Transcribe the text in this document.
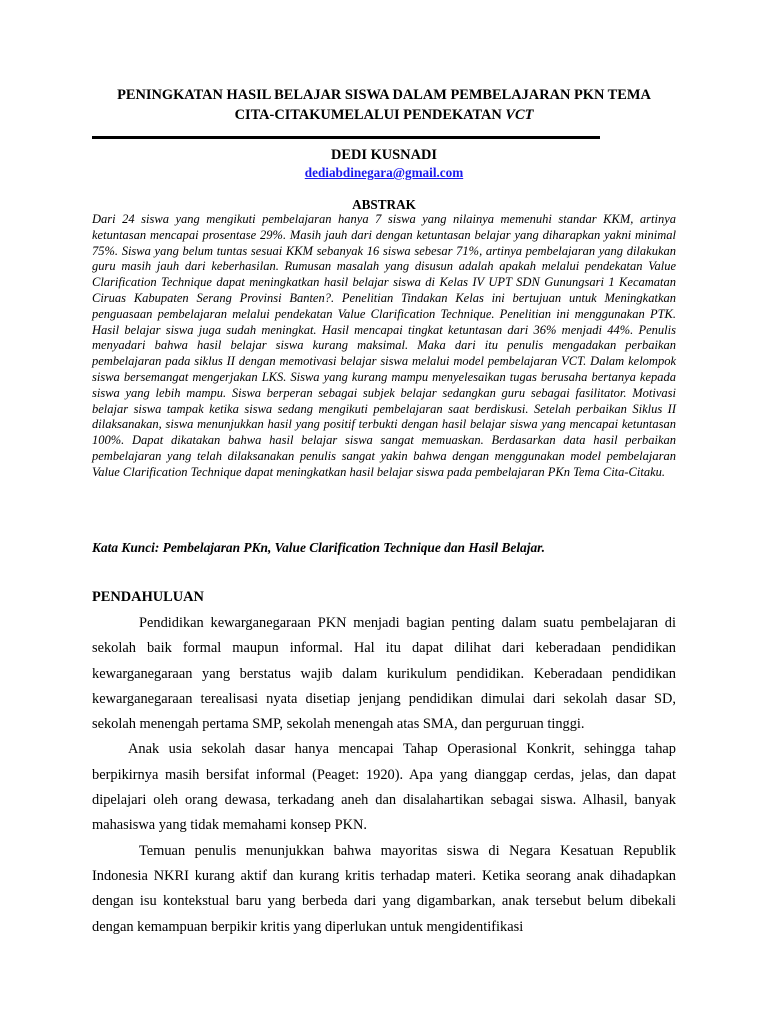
PENINGKATAN HASIL BELAJAR SISWA DALAM PEMBELAJARAN PKN TEMA
CITA-CITAKUMELALUI PENDEKATAN VCT
DEDI KUSNADI
dediabdinegara@gmail.com
ABSTRAK
Dari 24 siswa yang mengikuti pembelajaran hanya 7 siswa yang nilainya memenuhi standar KKM, artinya ketuntasan mencapai prosentase 29%. Masih jauh dari dengan ketuntasan belajar yang diharapkan yakni minimal 75%. Siswa yang belum tuntas sesuai KKM sebanyak 16 siswa sebesar 71%, artinya pembelajaran yang dilakukan guru masih jauh dari keberhasilan. Rumusan masalah yang disusun adalah apakah melalui pendekatan Value Clarification Technique dapat meningkatkan hasil belajar siswa di Kelas IV UPT SDN Gunungsari 1 Kecamatan Ciruas Kabupaten Serang Provinsi Banten?. Penelitian Tindakan Kelas ini bertujuan untuk Meningkatkan penguasaan pembelajaran melalui pendekatan Value Clarification Technique. Penelitian ini menggunakan PTK. Hasil belajar siswa juga sudah meningkat. Hasil mencapai tingkat ketuntasan dari 36% menjadi 44%. Penulis menyadari bahwa hasil belajar siswa kurang maksimal. Maka dari itu penulis mengadakan perbaikan pembelajaran pada siklus II dengan memotivasi belajar siswa melalui model pembelajaran VCT. Dalam kelompok siswa bersemangat mengerjakan LKS. Siswa yang kurang mampu menyelesaikan tugas berusaha bertanya kepada siswa yang lebih mampu. Siswa berperan sebagai subjek belajar sedangkan guru sebagai fasilitator. Motivasi belajar siswa tampak ketika siswa sedang mengikuti pembelajaran saat berdiskusi. Setelah perbaikan Siklus II dilaksanakan, siswa menunjukkan hasil yang positif terbukti dengan hasil belajar siswa yang mencapai ketuntasan 100%. Dapat dikatakan bahwa hasil belajar siswa sangat memuaskan. Berdasarkan data hasil perbaikan pembelajaran yang telah dilaksanakan penulis sangat yakin bahwa dengan menggunakan model pembelajaran Value Clarification Technique dapat meningkatkan hasil belajar siswa pada pembelajaran PKn Tema Cita-Citaku.
Kata Kunci: Pembelajaran PKn, Value Clarification Technique dan Hasil Belajar.
PENDAHULUAN

Pendidikan kewarganegaraan PKN menjadi bagian penting dalam suatu pembelajaran di sekolah baik formal maupun informal. Hal itu dapat dilihat dari keberadaan pendidikan kewarganegaraan yang berstatus wajib dalam kurikulum pendidikan. Keberadaan pendidikan kewarganegaraan terealisasi nyata disetiap jenjang pendidikan dimulai dari sekolah dasar SD, sekolah menengah pertama SMP, sekolah menengah atas SMA, dan perguruan tinggi.

Anak usia sekolah dasar hanya mencapai Tahap Operasional Konkrit, sehingga tahap berpikirnya masih bersifat informal (Peaget: 1920). Apa yang dianggap cerdas, jelas, dan dapat dipelajari oleh orang dewasa, terkadang aneh dan disalahartikan sebagai siswa. Alhasil, banyak mahasiswa yang tidak memahami konsep PKN.

Temuan penulis menunjukkan bahwa mayoritas siswa di Negara Kesatuan Republik Indonesia NKRI kurang aktif dan kurang kritis terhadap materi. Ketika seorang anak dihadapkan dengan isu kontekstual baru yang berbeda dari yang digambarkan, anak tersebut belum dibekali dengan kemampuan berpikir kritis yang diperlukan untuk mengidentifikasi
